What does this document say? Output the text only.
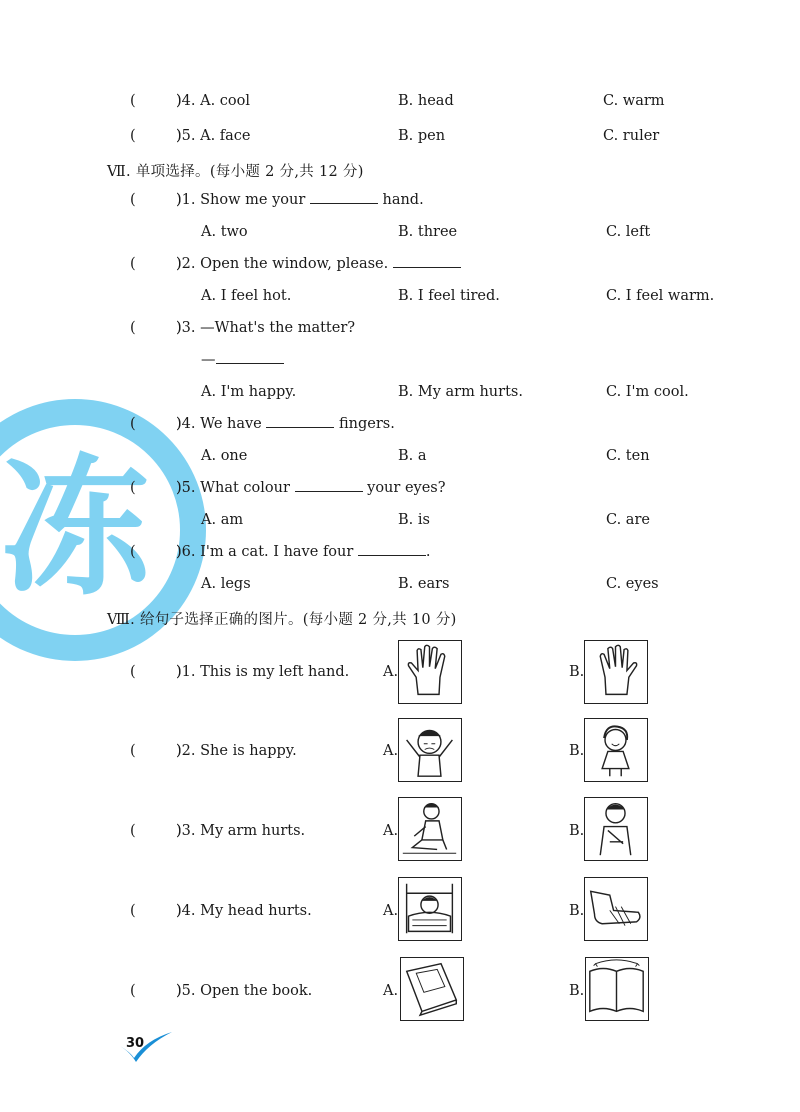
冻
)4. A. cool	B. head	C. warm
)5. A. face	B. pen	C. ruler
Ⅶ. 单项选择。(每小题 2 分,共 12 分)
)1. Show me your	hand.
A. two	B. three	C. left
)2. Open the window, please.
A. I feel hot.	B. I feel tired.	C. I feel warm.
)3. —What's the matter?
—
A. I'm happy.	B. My arm hurts.	C. I'm cool.
)4. We have	fingers.
A. one	B. a	C. ten
)5. What colour	your eyes?
A. am	B. is	C. are
)6. I'm a cat. I have four	.
A. legs	B. ears	C. eyes
Ⅷ. 给句子选择正确的图片。(每小题 2 分,共 10 分)
)1. This is my left hand. A.	B.
)2. She is happy.	A.	B.
)3. My arm hurts.	A.	B.
)4. My head hurts.	A.	B.
)5. Open the book.	A.	B.
30
